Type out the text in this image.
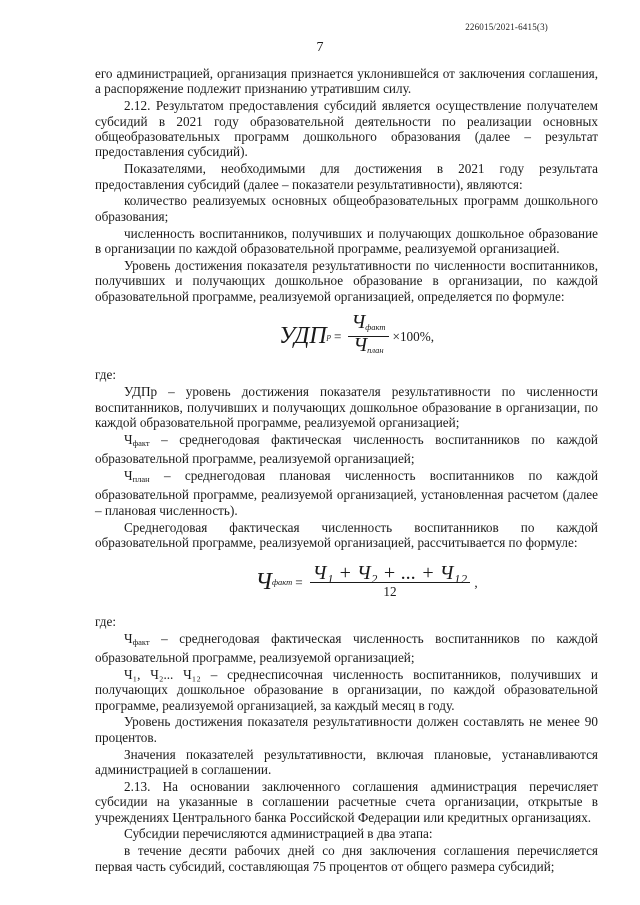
226015/2021-6415(3)
7

его администрацией, организация признается уклонившейся от заключения соглашения, а распоряжение подлежит признанию утратившим силу.

2.12. Результатом предоставления субсидий является осуществление получателем субсидий в 2021 году образовательной деятельности по реализации основных общеобразовательных программ дошкольного образования (далее – результат предоставления субсидий).

Показателями, необходимыми для достижения в 2021 году результата предоставления субсидий (далее – показатели результативности), являются:

количество реализуемых основных общеобразовательных программ дошкольного образования;

численность воспитанников, получивших и получающих дошкольное образование в организации по каждой образовательной программе, реализуемой организацией.

Уровень достижения показателя результативности по численности воспитанников, получивших и получающих дошкольное образование в организации, по каждой образовательной программе, реализуемой организацией, определяется по формуле:

УДП $р = \frac{Ч_{факт}}{Ч_{план}} \times 100\%$,

где:

УДПр – уровень достижения показателя результативности по численности воспитанников, получивших и получающих дошкольное образование в организации, по каждой образовательной программе, реализуемой организацией;

$Ч_{факт}$ – среднегодовая фактическая численность воспитанников по каждой образовательной программе, реализуемой организацией;

$Ч_{план}$ – среднегодовая плановая численность воспитанников по каждой образовательной программе, реализуемой организацией, установленная расчетом (далее – плановая численность).

Среднегодовая фактическая численность воспитанников по каждой образовательной программе, реализуемой организацией, рассчитывается по формуле:

Ч факт = $\frac{\text{Ч₁ + Ч₂ + ... + Ч₁₂}}{12}$ ,

где:

$Ч_{факт}$ – среднегодовая фактическая численность воспитанников по каждой образовательной программе, реализуемой организацией;

Ч₁, Ч₂... Ч₁₂ – среднесписочная численность воспитанников, получивших и получающих дошкольное образование в организации, по каждой образовательной программе, реализуемой организацией, за каждый месяц в году.

Уровень достижения показателя результативности должен составлять не менее 90 процентов.

Значения показателей результативности, включая плановые, устанавливаются администрацией в соглашении.

2.13. На основании заключенного соглашения администрация перечисляет субсидии на указанные в соглашении расчетные счета организации, открытые в учреждениях Центрального банка Российской Федерации или кредитных организациях.

Субсидии перечисляются администрацией в два этапа:

в течение десяти рабочих дней со дня заключения соглашения перечисляется первая часть субсидий, составляющая 75 процентов от общего размера субсидий;
